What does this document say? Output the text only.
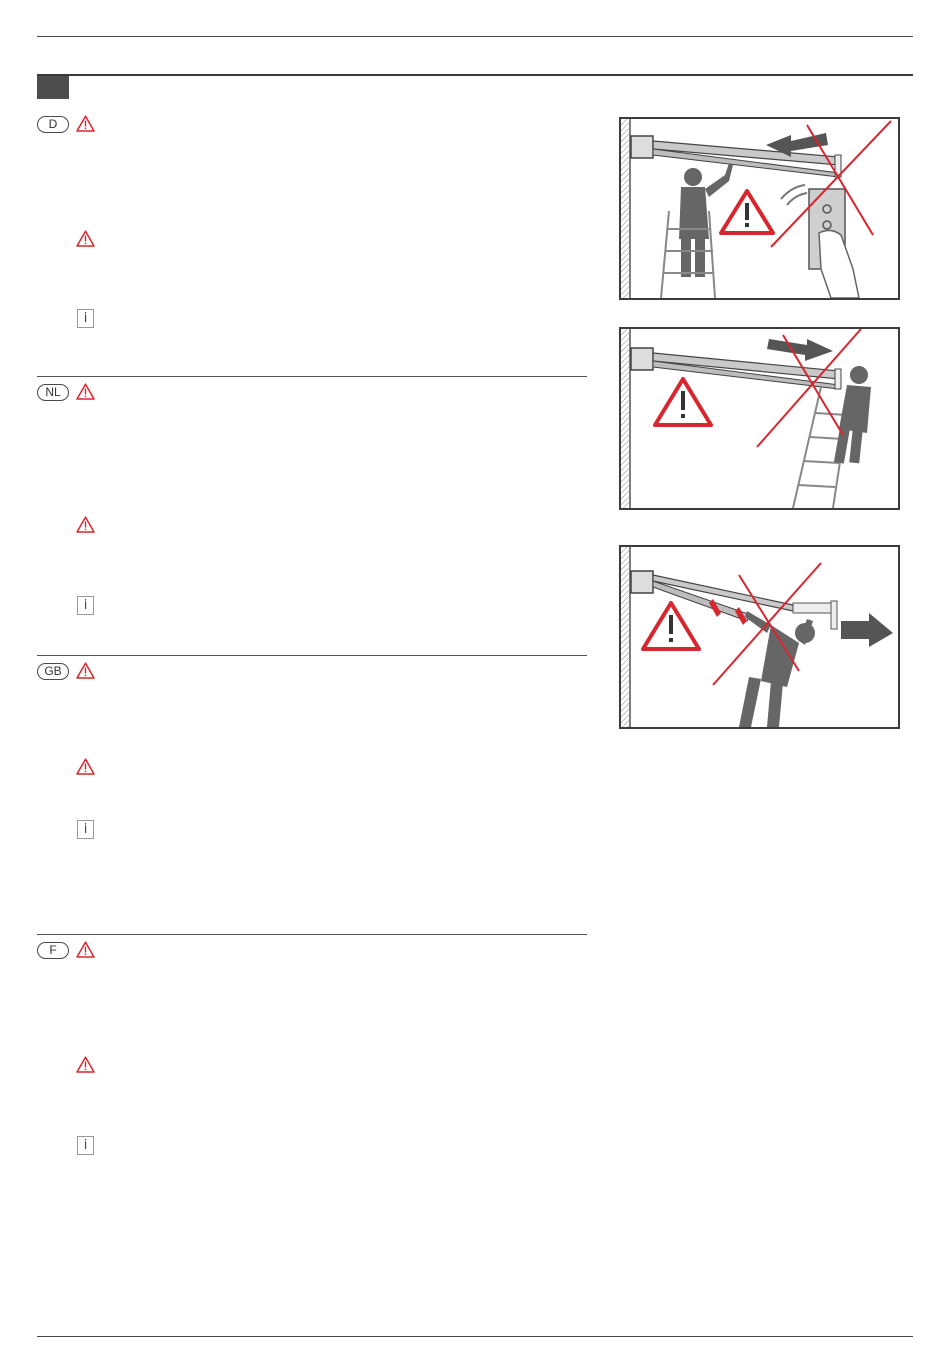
D
i
NL
i
GB
i
F
i
